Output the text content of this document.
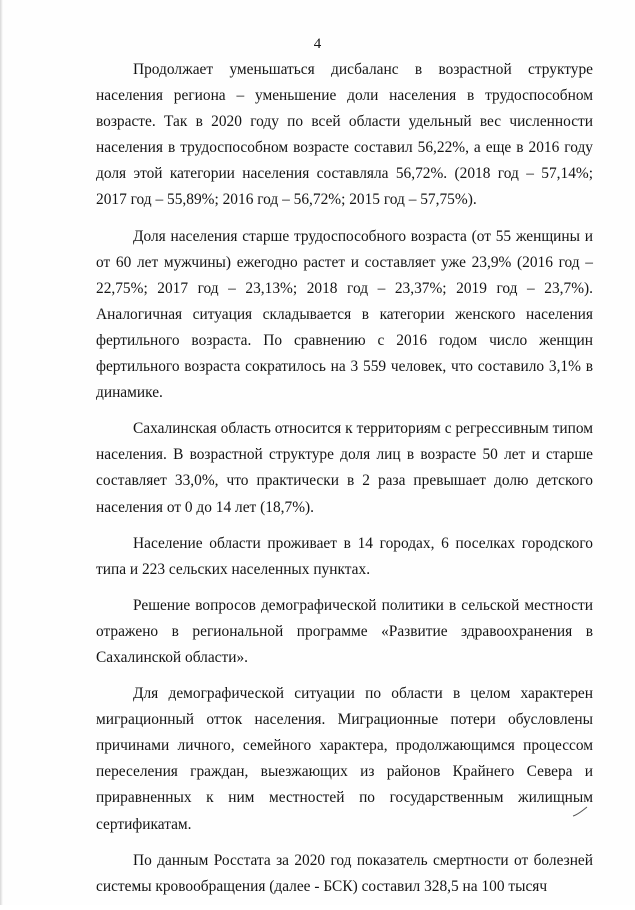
4

Продолжает уменьшаться дисбаланс в возрастной структуре населения региона – уменьшение доли населения в трудоспособном возрасте. Так в 2020 году по всей области удельный вес численности населения в трудоспособном возрасте составил 56,22%, а еще в 2016 году доля этой категории населения составляла 56,72%. (2018 год – 57,14%; 2017 год – 55,89%; 2016 год – 56,72%; 2015 год – 57,75%).

Доля населения старше трудоспособного возраста (от 55 женщины и от 60 лет мужчины) ежегодно растет и составляет уже 23,9% (2016 год – 22,75%; 2017 год – 23,13%; 2018 год – 23,37%; 2019 год – 23,7%). Аналогичная ситуация складывается в категории женского населения фертильного возраста. По сравнению с 2016 годом число женщин фертильного возраста сократилось на 3 559 человек, что составило 3,1% в динамике.

Сахалинская область относится к территориям с регрессивным типом населения. В возрастной структуре доля лиц в возрасте 50 лет и старше составляет 33,0%, что практически в 2 раза превышает долю детского населения от 0 до 14 лет (18,7%).

Население области проживает в 14 городах, 6 поселках городского типа и 223 сельских населенных пунктах.

Решение вопросов демографической политики в сельской местности отражено в региональной программе «Развитие здравоохранения в Сахалинской области».

Для демографической ситуации по области в целом характерен миграционный отток населения. Миграционные потери обусловлены причинами личного, семейного характера, продолжающимся процессом переселения граждан, выезжающих из районов Крайнего Севера и приравненных к ним местностей по государственным жилищным сертификатам.

По данным Росстата за 2020 год показатель смертности от болезней системы кровообращения (далее - БСК) составил 328,5 на 100 тысяч
